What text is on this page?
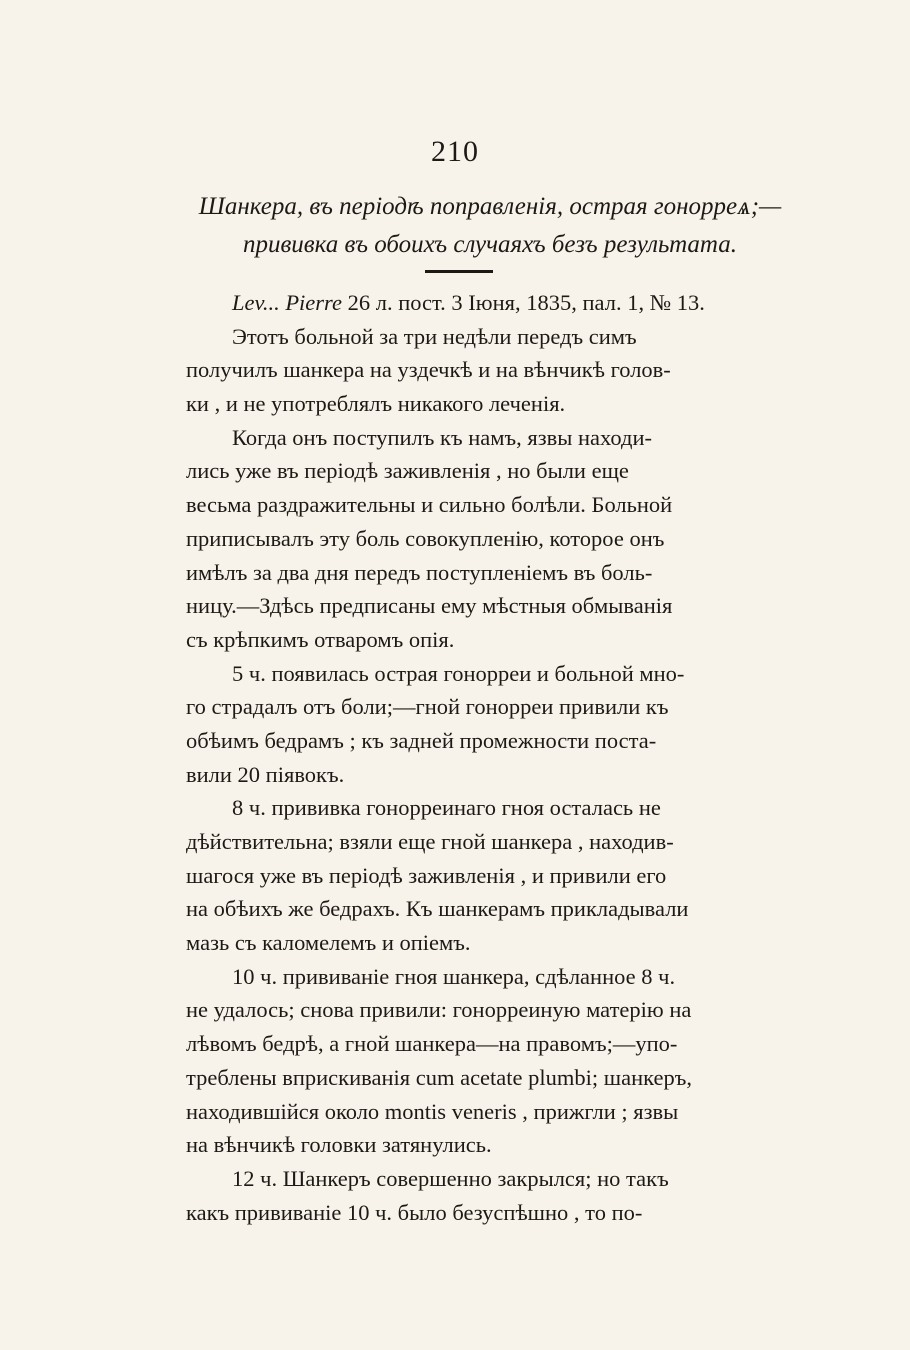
210
Шанкера, въ періодѣ поправленія, острая гонорреѧ;—
прививка въ обоихъ случаяхъ безъ результата.
Lev... Pierre 26 л. пост. 3 Іюня, 1835, пал. 1, № 13.
Этотъ больной за три недѣли передъ симъ
получилъ шанкера на уздечкѣ и на вѣнчикѣ голов-
ки , и не употреблялъ никакого леченія.
Когда онъ поступилъ къ намъ, язвы находи-
лись уже въ періодѣ заживленія , но были еще
весьма раздражительны и сильно болѣли. Больной
приписывалъ эту боль совокупленію, которое онъ
имѣлъ за два дня передъ поступленіемъ въ боль-
ницу.—Здѣсь предписаны ему мѣстныя обмыванія
съ крѣпкимъ отваромъ опія.
5 ч. появилась острая гонорреи и больной мно-
го страдалъ отъ боли;—гной гонорреи привили къ
обѣимъ бедрамъ ; къ задней промежности поста-
вили 20 піявокъ.
8 ч. прививка гонорреинаго гноя осталась не
дѣйствительна; взяли еще гной шанкера , находив-
шагося уже въ періодѣ заживленія , и привили его
на обѣихъ же бедрахъ. Къ шанкерамъ прикладывали
мазь съ каломелемъ и опіемъ.
10 ч. прививаніе гноя шанкера, сдѣланное 8 ч.
не удалось; снова привили: гонорреиную матерію на
лѣвомъ бедрѣ, а гной шанкера—на правомъ;—упо-
треблены вприскиванія cum acetate plumbi; шанкеръ,
находившійся около montis veneris , прижгли ; язвы
на вѣнчикѣ головки затянулись.
12 ч. Шанкеръ совершенно закрылся; но такъ
какъ прививаніе 10 ч. было безуспѣшно , то по-
